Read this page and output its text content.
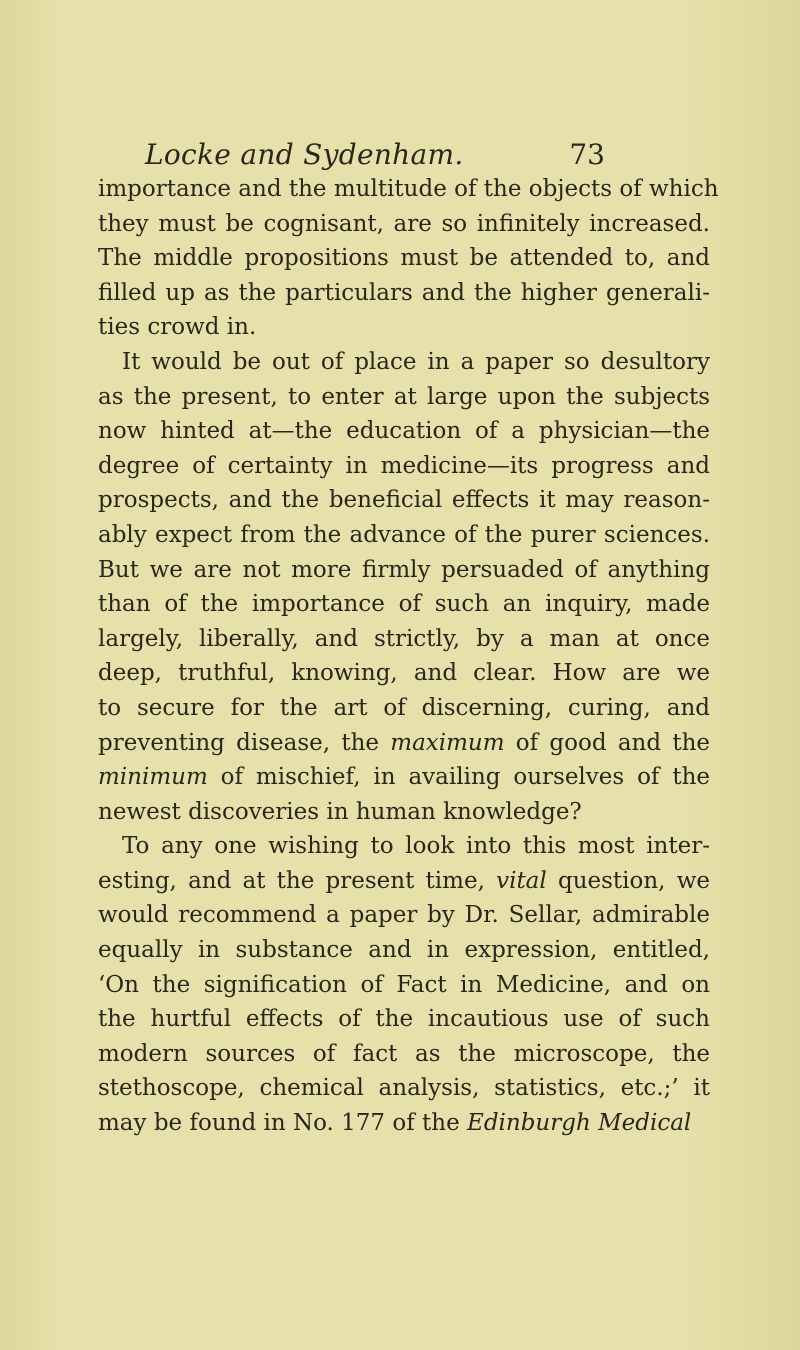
Locke and Sydenham.	73
importance and the multitude of the objects of which
they must be cognisant, are so infinitely increased.
The middle propositions must be attended to, and
filled up as the particulars and the higher generali-
ties crowd in.
It would be out of place in a paper so desultory
as the present, to enter at large upon the subjects
now hinted at—the education of a physician—the
degree of certainty in medicine—its progress and
prospects, and the beneficial effects it may reason-
ably expect from the advance of the purer sciences.
But we are not more firmly persuaded of anything
than of the importance of such an inquiry, made
largely, liberally, and strictly, by a man at once
deep, truthful, knowing, and clear. How are we
to secure for the art of discerning, curing, and
preventing disease, the maximum of good and the
minimum of mischief, in availing ourselves of the
newest discoveries in human knowledge?
To any one wishing to look into this most inter-
esting, and at the present time, vital question, we
would recommend a paper by Dr. Sellar, admirable
equally in substance and in expression, entitled,
‘On the signification of Fact in Medicine, and on
the hurtful effects of the incautious use of such
modern sources of fact as the microscope, the
stethoscope, chemical analysis, statistics, etc.;’ it
may be found in No. 177 of the Edinburgh Medical
